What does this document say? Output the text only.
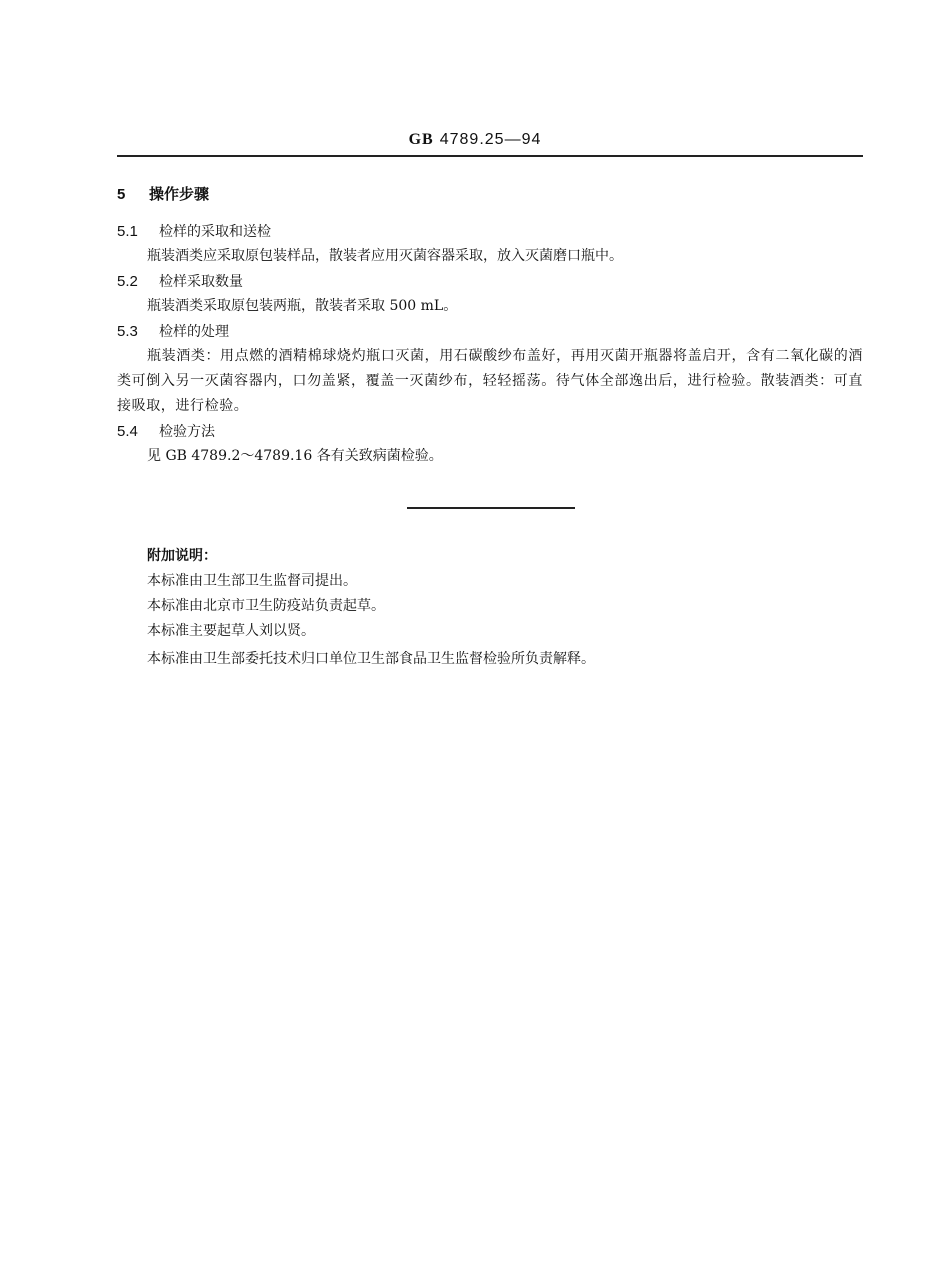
GB 4789.25—94
5 操作步骤
5.1 检样的采取和送检
瓶装酒类应采取原包装样品，散装者应用灭菌容器采取，放入灭菌磨口瓶中。
5.2 检样采取数量
瓶装酒类采取原包装两瓶，散装者采取 500 mL。
5.3 检样的处理
瓶装酒类：用点燃的酒精棉球烧灼瓶口灭菌，用石碳酸纱布盖好，再用灭菌开瓶器将盖启开，含有二氧化碳的酒类可倒入另一灭菌容器内，口勿盖紧，覆盖一灭菌纱布，轻轻摇荡。待气体全部逸出后，进行检验。散装酒类：可直接吸取，进行检验。
5.4 检验方法
见 GB 4789.2～4789.16 各有关致病菌检验。
附加说明：
本标准由卫生部卫生监督司提出。
本标准由北京市卫生防疫站负责起草。
本标准主要起草人刘以贤。
本标准由卫生部委托技术归口单位卫生部食品卫生监督检验所负责解释。
